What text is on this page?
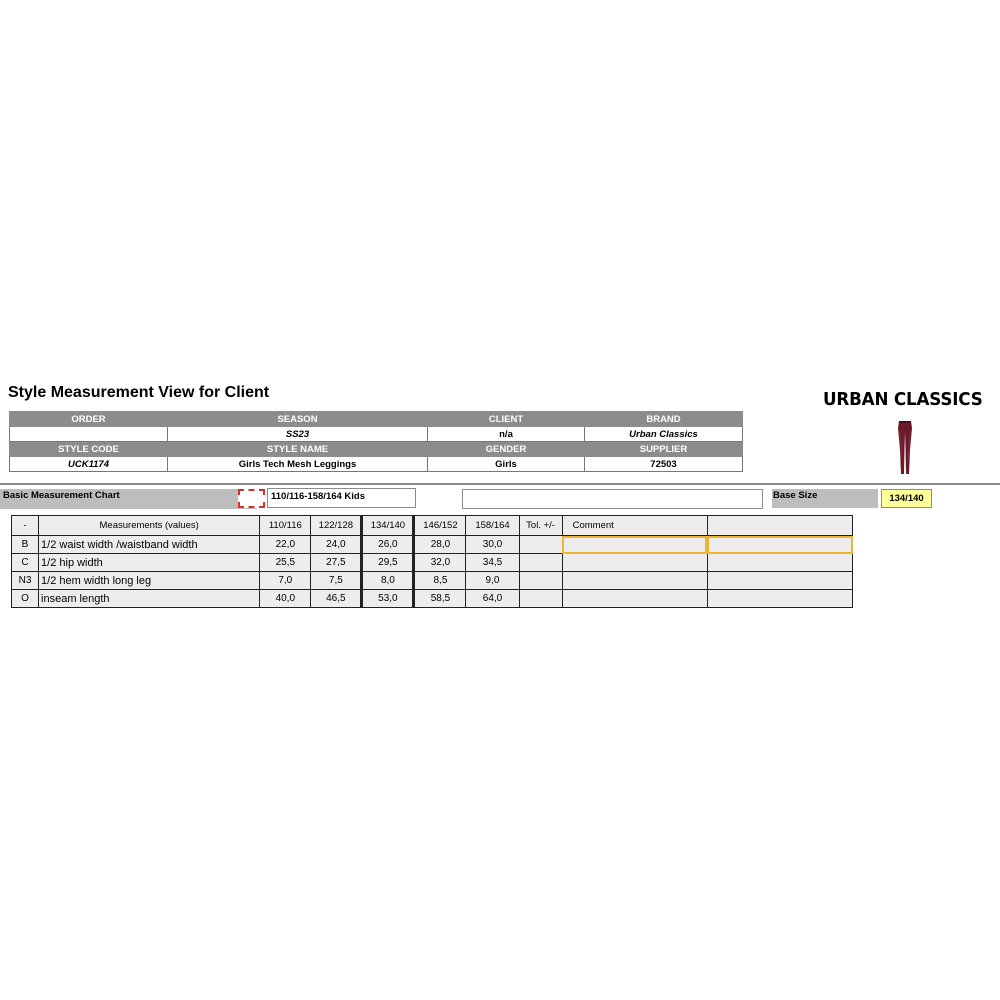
Style Measurement View for Client	URBAN CLASSICS
ORDER	SEASON	CLIENT	BRAND
	SS23	n/a	Urban Classics
STYLE CODE	STYLE NAME	GENDER	SUPPLIER
UCK1174	Girls Tech Mesh Leggings	Girls	72503
Basic Measurement Chart	110/116-158/164 Kids	Base Size	134/140
-	Measurements (values)	110/116	122/128	134/140	146/152	158/164	Tol. +/-	Comment	
B	1/2 waist width /waistband width	22,0	24,0	26,0	28,0	30,0			
C	1/2 hip width	25,5	27,5	29,5	32,0	34,5			
N3	1/2 hem width long leg	7,0	7,5	8,0	8,5	9,0			
O	inseam length	40,0	46,5	53,0	58,5	64,0			
